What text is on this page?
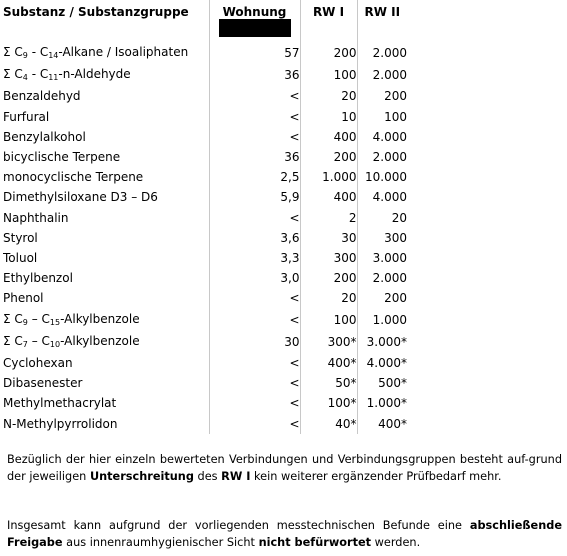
Substanz / Substanzgruppe	Wohnung	RW I	RW II

Σ $C_9$ - $C_{14}$-Alkane / Isoaliphaten	57	200	2.000
Σ $C_4$ - $C_{11}-n$-Aldehyde	36	100	2.000
Benzaldehyd	<	20	200
Furfural	<	10	100
Benzylalkohol	<	400	4.000
bicyclische Terpene	36	200	2.000
monocyclische Terpene	2,5	1.000	10.000
Dimethylsiloxane D3 – D6	5,9	400	4.000
Naphthalin	<	2	20
Styrol	3,6	30	300
Toluol	3,3	300	3.000
Ethylbenzol	3,0	200	2.000
Phenol	<	20	200
Σ $C_9$ – $C_{15}$-Alkylbenzole	<	100	1.000
Σ $C_7$ – $C_{10}$-Alkylbenzole	30	300*	3.000*
Cyclohexan	<	400*	4.000*
Dibasenester	<	50*	500*
Methylmethacrylat	<	100*	1.000*
N-Methylpyrrolidon	<	40*	400*

Bezüglich der hier einzeln bewerteten Verbindungen und Verbindungsgruppen besteht auf-grund der jeweiligen Unterschreitung des RW I kein weiterer ergänzender Prüfbedarf mehr.

Insgesamt kann aufgrund der vorliegenden messtechnischen Befunde eine abschließende Freigabe aus innenraumhygienischer Sicht nicht befürwortet werden.
